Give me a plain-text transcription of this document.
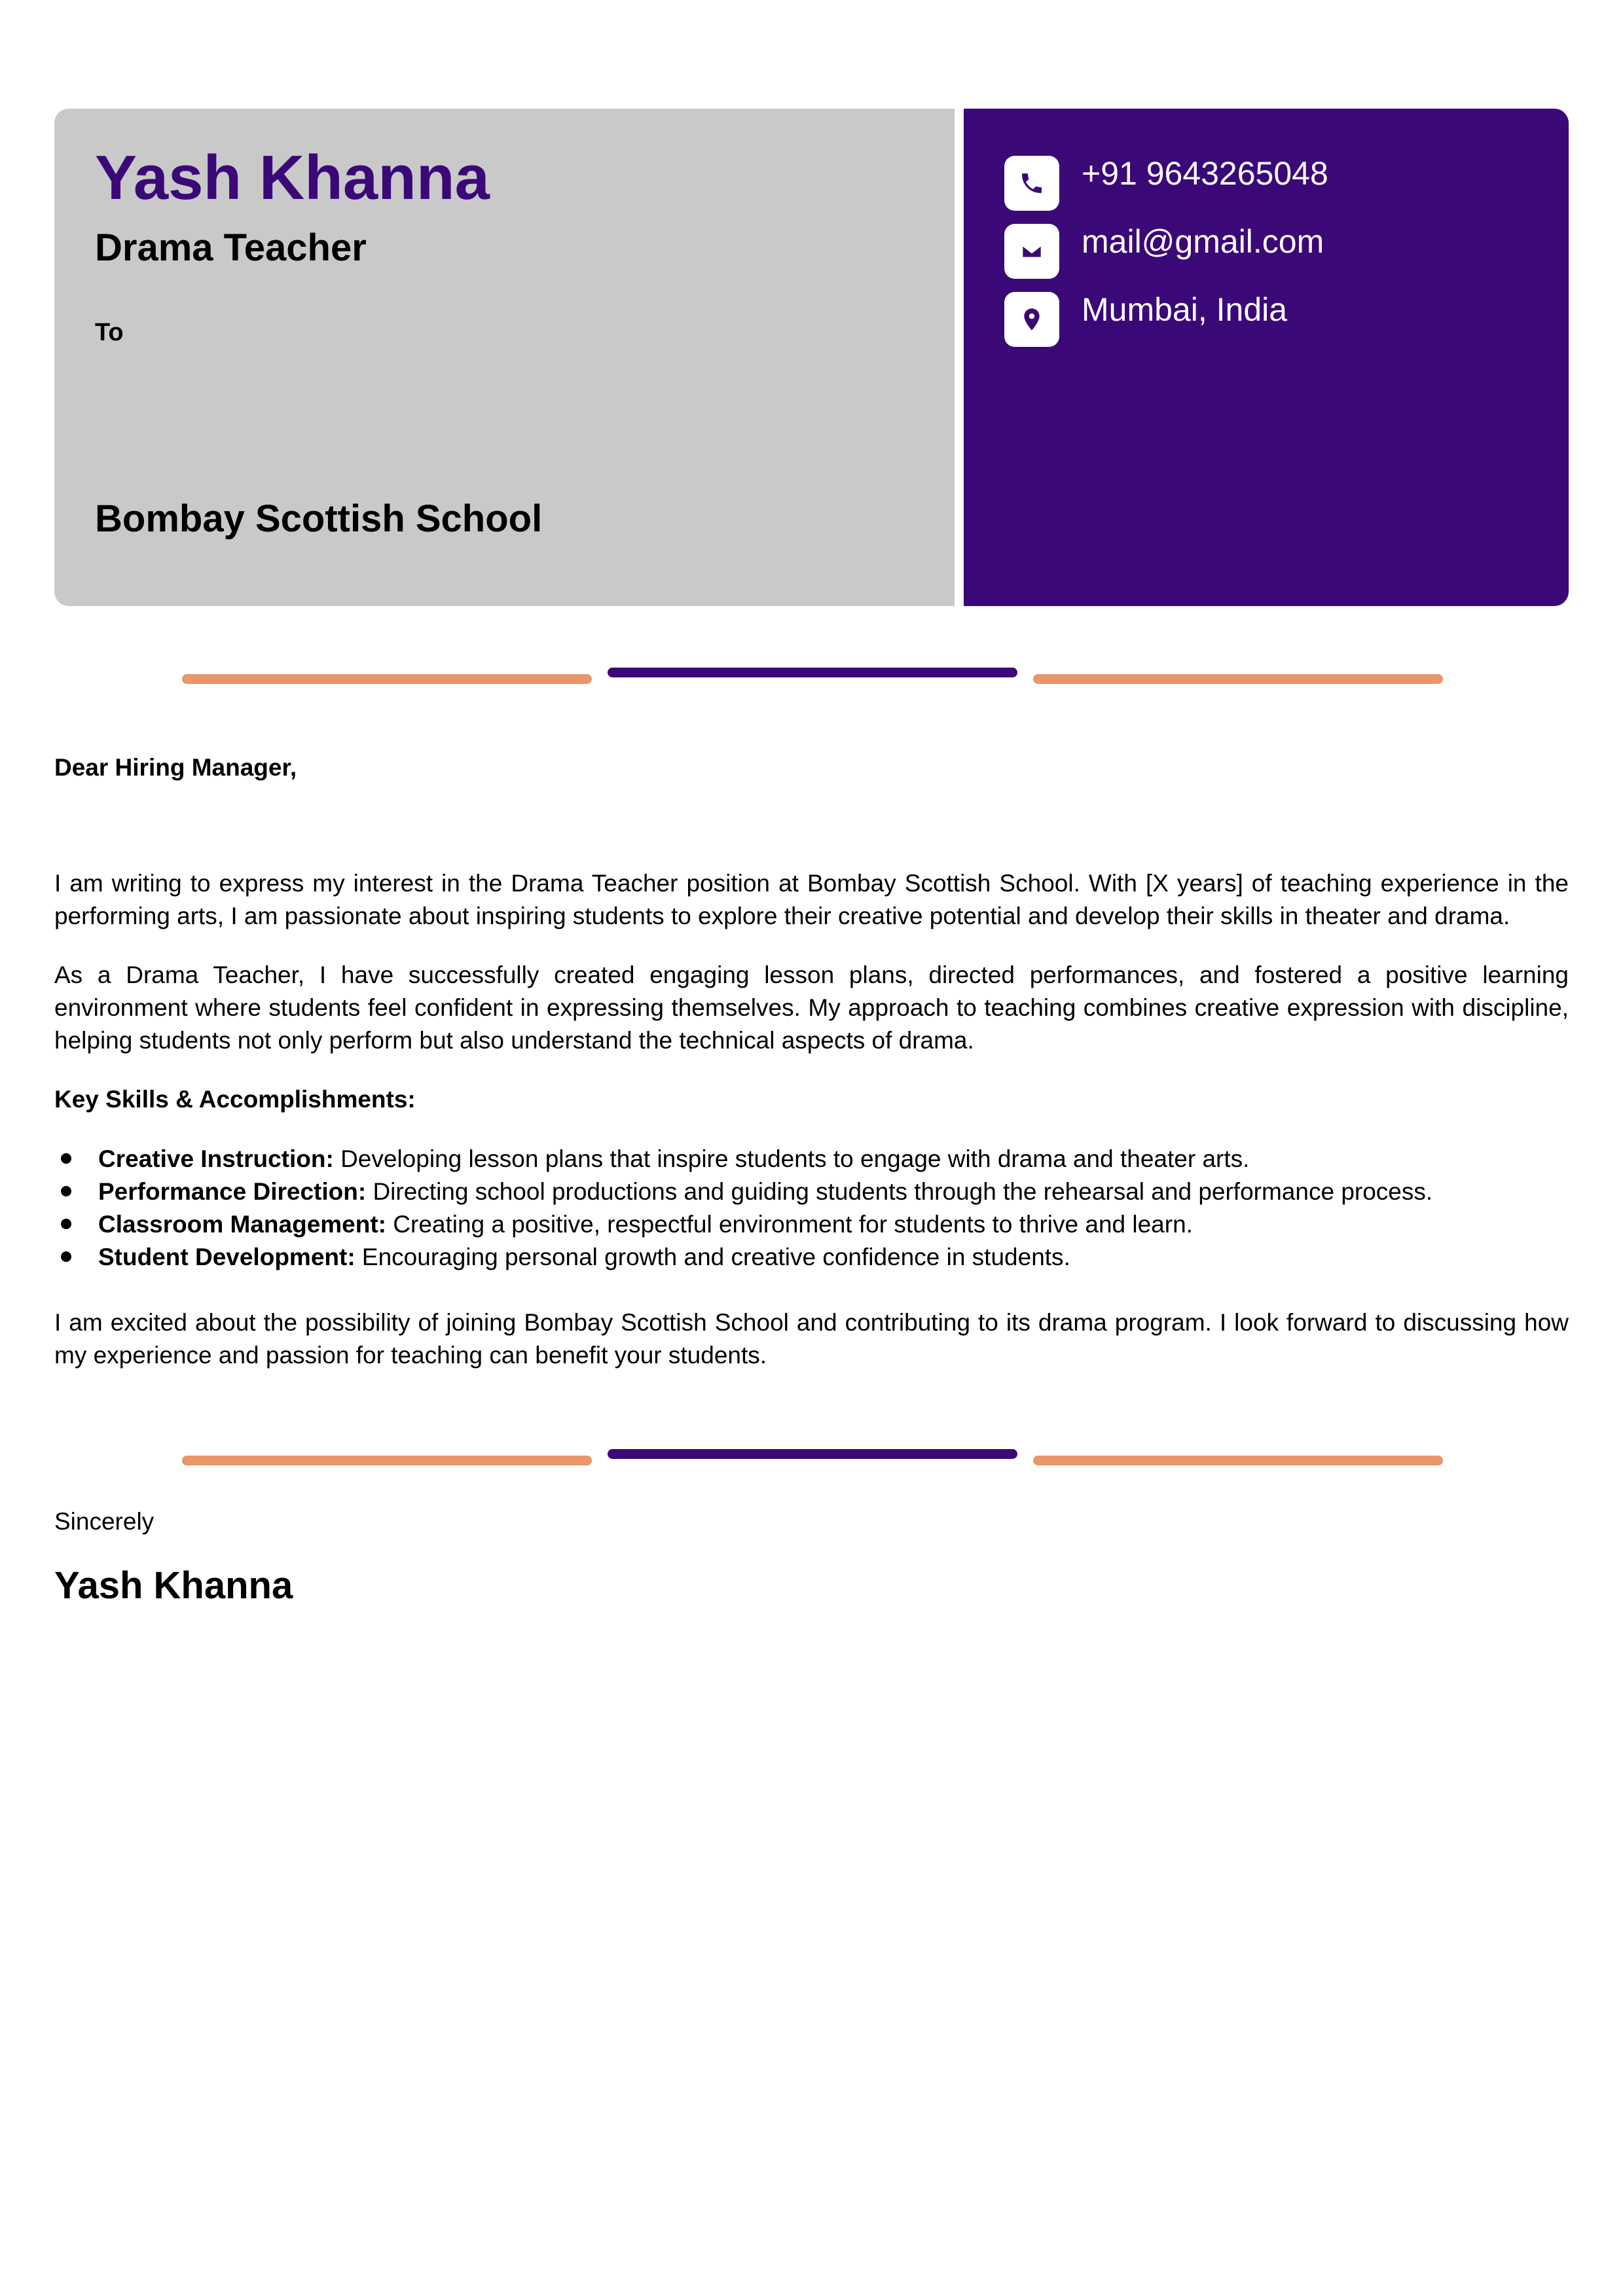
Yash Khanna
Drama Teacher
To
Bombay Scottish School
+91 9643265048
mail@gmail.com
Mumbai, India
Dear Hiring Manager,

I am writing to express my interest in the Drama Teacher position at Bombay Scottish School. With [X years] of teaching experience in the performing arts, I am passionate about inspiring students to explore their creative potential and develop their skills in theater and drama.

As a Drama Teacher, I have successfully created engaging lesson plans, directed performances, and fostered a positive learning environment where students feel confident in expressing themselves. My approach to teaching combines creative expression with discipline, helping students not only perform but also understand the technical aspects of drama.

Key Skills & Accomplishments:
Creative Instruction: Developing lesson plans that inspire students to engage with drama and theater arts.
Performance Direction: Directing school productions and guiding students through the rehearsal and performance process.
Classroom Management: Creating a positive, respectful environment for students to thrive and learn.
Student Development: Encouraging personal growth and creative confidence in students.

I am excited about the possibility of joining Bombay Scottish School and contributing to its drama program. I look forward to discussing how my experience and passion for teaching can benefit your students.

Sincerely
Yash Khanna
